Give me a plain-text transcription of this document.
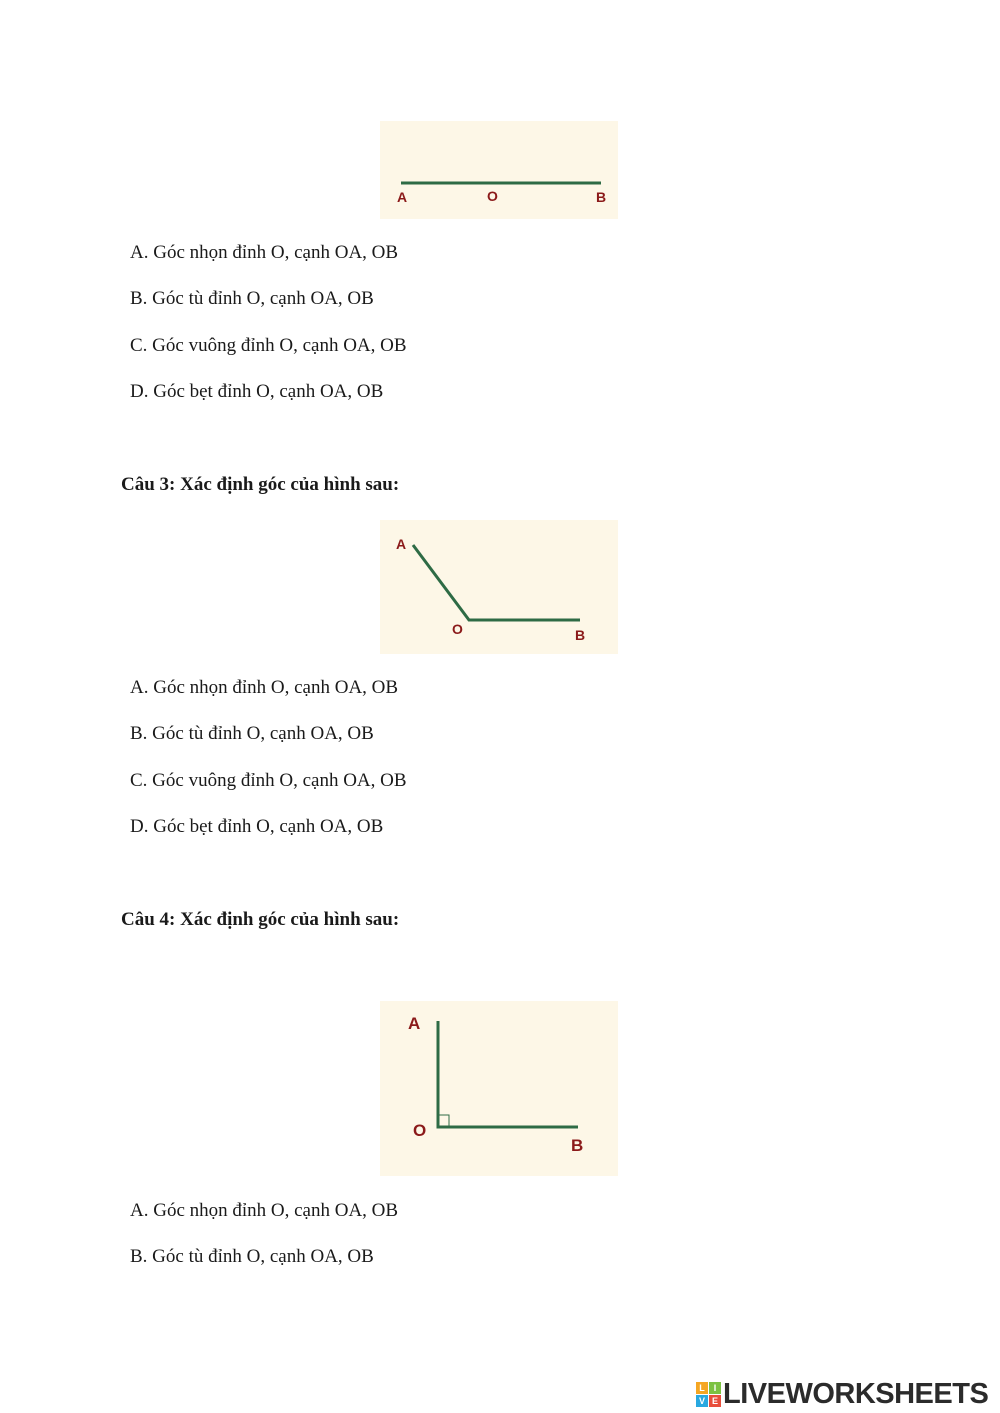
A	O	B
A. Góc nhọn đỉnh O, cạnh OA, OB
B. Góc tù đỉnh O, cạnh OA, OB
C. Góc vuông đỉnh O, cạnh OA, OB
D. Góc bẹt đỉnh O, cạnh OA, OB
Câu 3: Xác định góc của hình sau:
A
O	B
A. Góc nhọn đỉnh O, cạnh OA, OB
B. Góc tù đỉnh O, cạnh OA, OB
C. Góc vuông đỉnh O, cạnh OA, OB
D. Góc bẹt đỉnh O, cạnh OA, OB
Câu 4: Xác định góc của hình sau:
A
O
B
A. Góc nhọn đỉnh O, cạnh OA, OB
B. Góc tù đỉnh O, cạnh OA, OB
L I
V E LIVEWORKSHEETS
